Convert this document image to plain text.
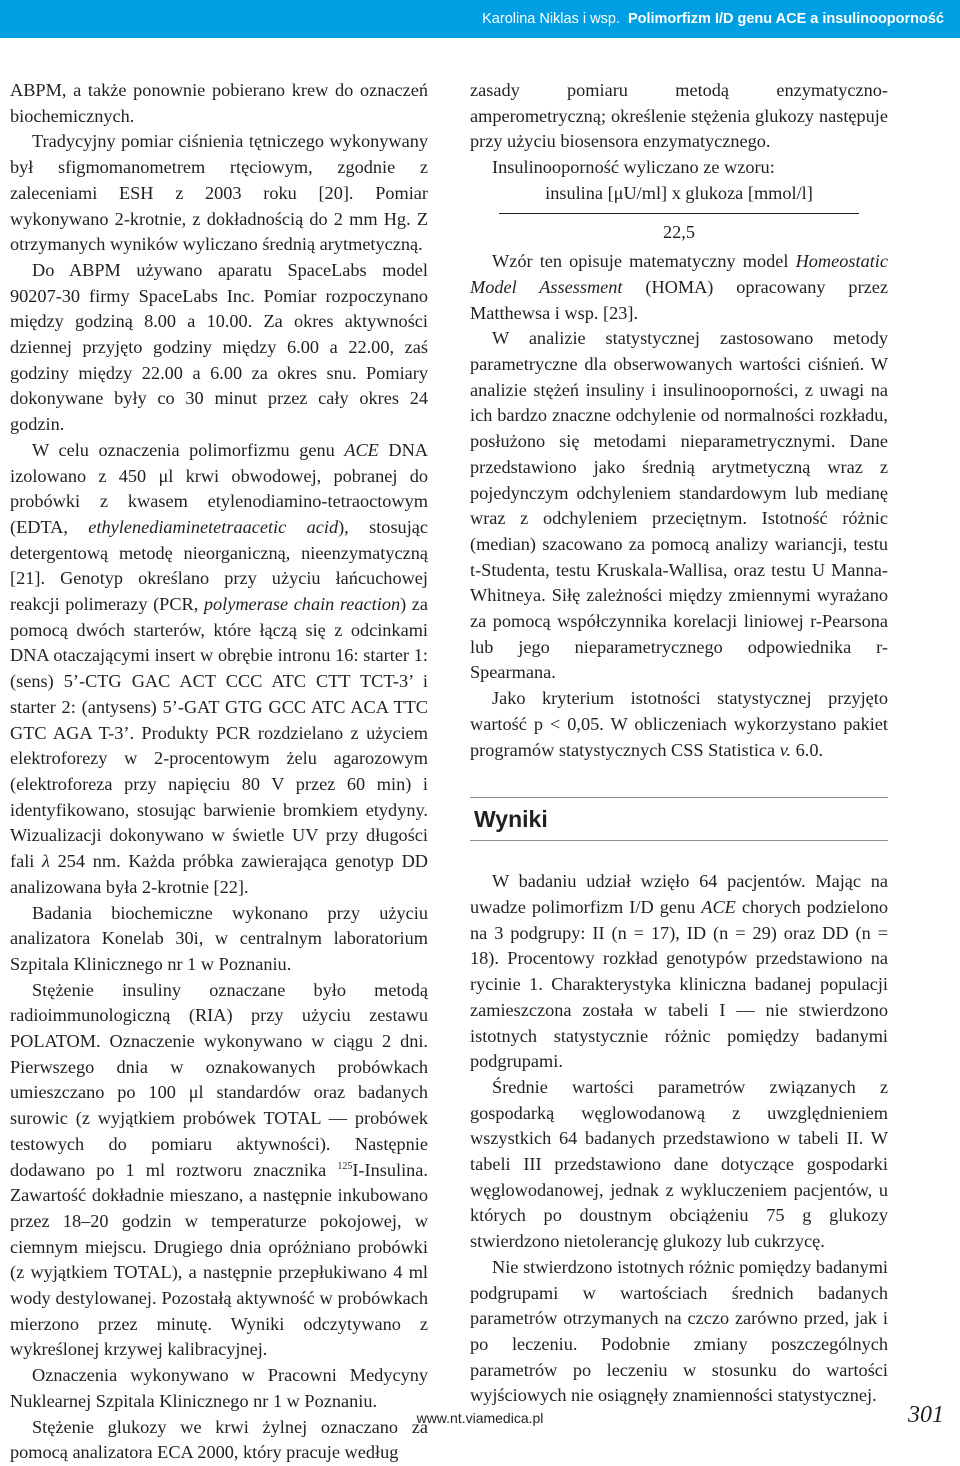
Karolina Niklas i wsp. Polimorfizm I/D genu ACE a insulinooporność

ABPM, a także ponownie pobierano krew do oznaczeń biochemicznych.

Tradycyjny pomiar ciśnienia tętniczego wykonywany był sfigmomanometrem rtęciowym, zgodnie z zaleceniami ESH z 2003 roku [20]. Pomiar wykonywano 2-krotnie, z dokładnością do 2 mm Hg. Z otrzymanych wyników wyliczano średnią arytmetyczną.

Do ABPM używano aparatu SpaceLabs model 90207-30 firmy SpaceLabs Inc. Pomiar rozpoczynano między godziną 8.00 a 10.00. Za okres aktywności dziennej przyjęto godziny między 6.00 a 22.00, zaś godziny między 22.00 a 6.00 za okres snu. Pomiary dokonywane były co 30 minut przez cały okres 24 godzin.

W celu oznaczenia polimorfizmu genu ACE DNA izolowano z 450 μl krwi obwodowej, pobranej do probówki z kwasem etylenodiamino-tetraoctowym (EDTA, ethylenediaminetetraacetic acid), stosując detergentową metodę nieorganiczną, nieenzymatyczną [21]. Genotyp określano przy użyciu łańcuchowej reakcji polimerazy (PCR, polymerase chain reaction) za pomocą dwóch starterów, które łączą się z odcinkami DNA otaczającymi insert w obrębie intronu 16: starter 1: (sens) 5’-CTG GAC ACT CCC ATC CTT TCT-3’ i starter 2: (antysens) 5’-GAT GTG GCC ATC ACA TTC GTC AGA T-3’. Produkty PCR rozdzielano z użyciem elektroforezy w 2-procentowym żelu agarozowym (elektroforeza przy napięciu 80 V przez 60 min) i identyfikowano, stosując barwienie bromkiem etydyny. Wizualizacji dokonywano w świetle UV przy długości fali λ 254 nm. Każda próbka zawierająca genotyp DD analizowana była 2-krotnie [22].

Badania biochemiczne wykonano przy użyciu analizatora Konelab 30i, w centralnym laboratorium Szpitala Klinicznego nr 1 w Poznaniu.

Stężenie insuliny oznaczane było metodą radioimmunologiczną (RIA) przy użyciu zestawu POLATOM. Oznaczenie wykonywano w ciągu 2 dni. Pierwszego dnia w oznakowanych probówkach umieszczano po 100 μl standardów oraz badanych surowic (z wyjątkiem probówek TOTAL — probówek testowych do pomiaru aktywności). Następnie dodawano po 1 ml roztworu znacznika $^{125}$I-Insulina. Zawartość dokładnie mieszano, a następnie inkubowano przez 18–20 godzin w temperaturze pokojowej, w ciemnym miejscu. Drugiego dnia opróżniano probówki (z wyjątkiem TOTAL), a następnie przepłukiwano 4 ml wody destylowanej. Pozostałą aktywność w probówkach mierzono przez minutę. Wyniki odczytywano z wykreślonej krzywej kalibracyjnej.

Oznaczenia wykonywano w Pracowni Medycyny Nuklearnej Szpitala Klinicznego nr 1 w Poznaniu.

Stężenie glukozy we krwi żylnej oznaczano za pomocą analizatora ECA 2000, który pracuje według

zasady pomiaru metodą enzymatyczno-amperometryczną; określenie stężenia glukozy następuje przy użyciu biosensora enzymatycznego.

Insulinooporność wyliczano ze wzoru:

insulina [μU/ml] x glukoza [mmol/l]
22,5

Wzór ten opisuje matematyczny model Homeostatic Model Assessment (HOMA) opracowany przez Matthewsa i wsp. [23].

W analizie statystycznej zastosowano metody parametryczne dla obserwowanych wartości ciśnień. W analizie stężeń insuliny i insulinooporności, z uwagi na ich bardzo znaczne odchylenie od normalności rozkładu, posłużono się metodami nieparametrycznymi. Dane przedstawiono jako średnią arytmetyczną wraz z pojedynczym odchyleniem standardowym lub medianę wraz z odchyleniem przeciętnym. Istotność różnic (median) szacowano za pomocą analizy wariancji, testu t-Studenta, testu Kruskala-Wallisa, oraz testu U Manna-Whitneya. Siłę zależności między zmiennymi wyrażano za pomocą współczynnika korelacji liniowej r-Pearsona lub jego nieparametrycznego odpowiednika r-Spearmana.

Jako kryterium istotności statystycznej przyjęto wartość p < 0,05. W obliczeniach wykorzystano pakiet programów statystycznych CSS Statistica v. 6.0.

Wyniki

W badaniu udział wzięło 64 pacjentów. Mając na uwadze polimorfizm I/D genu ACE chorych podzielono na 3 podgrupy: II (n = 17), ID (n = 29) oraz DD (n = 18). Procentowy rozkład genotypów przedstawiono na rycinie 1. Charakterystyka kliniczna badanej populacji zamieszczona została w tabeli I — nie stwierdzono istotnych statystycznie różnic pomiędzy badanymi podgrupami.

Średnie wartości parametrów związanych z gospodarką węglowodanową z uwzględnieniem wszystkich 64 badanych przedstawiono w tabeli II. W tabeli III przedstawiono dane dotyczące gospodarki węglowodanowej, jednak z wykluczeniem pacjentów, u których po doustnym obciążeniu 75 g glukozy stwierdzono nietolerancję glukozy lub cukrzycę.

Nie stwierdzono istotnych różnic pomiędzy badanymi podgrupami w wartościach średnich badanych parametrów otrzymanych na czczo zarówno przed, jak i po leczeniu. Podobnie zmiany poszczególnych parametrów po leczeniu w stosunku do wartości wyjściowych nie osiągnęły znamienności statystycznej.

www.nt.viamedica.pl	301
